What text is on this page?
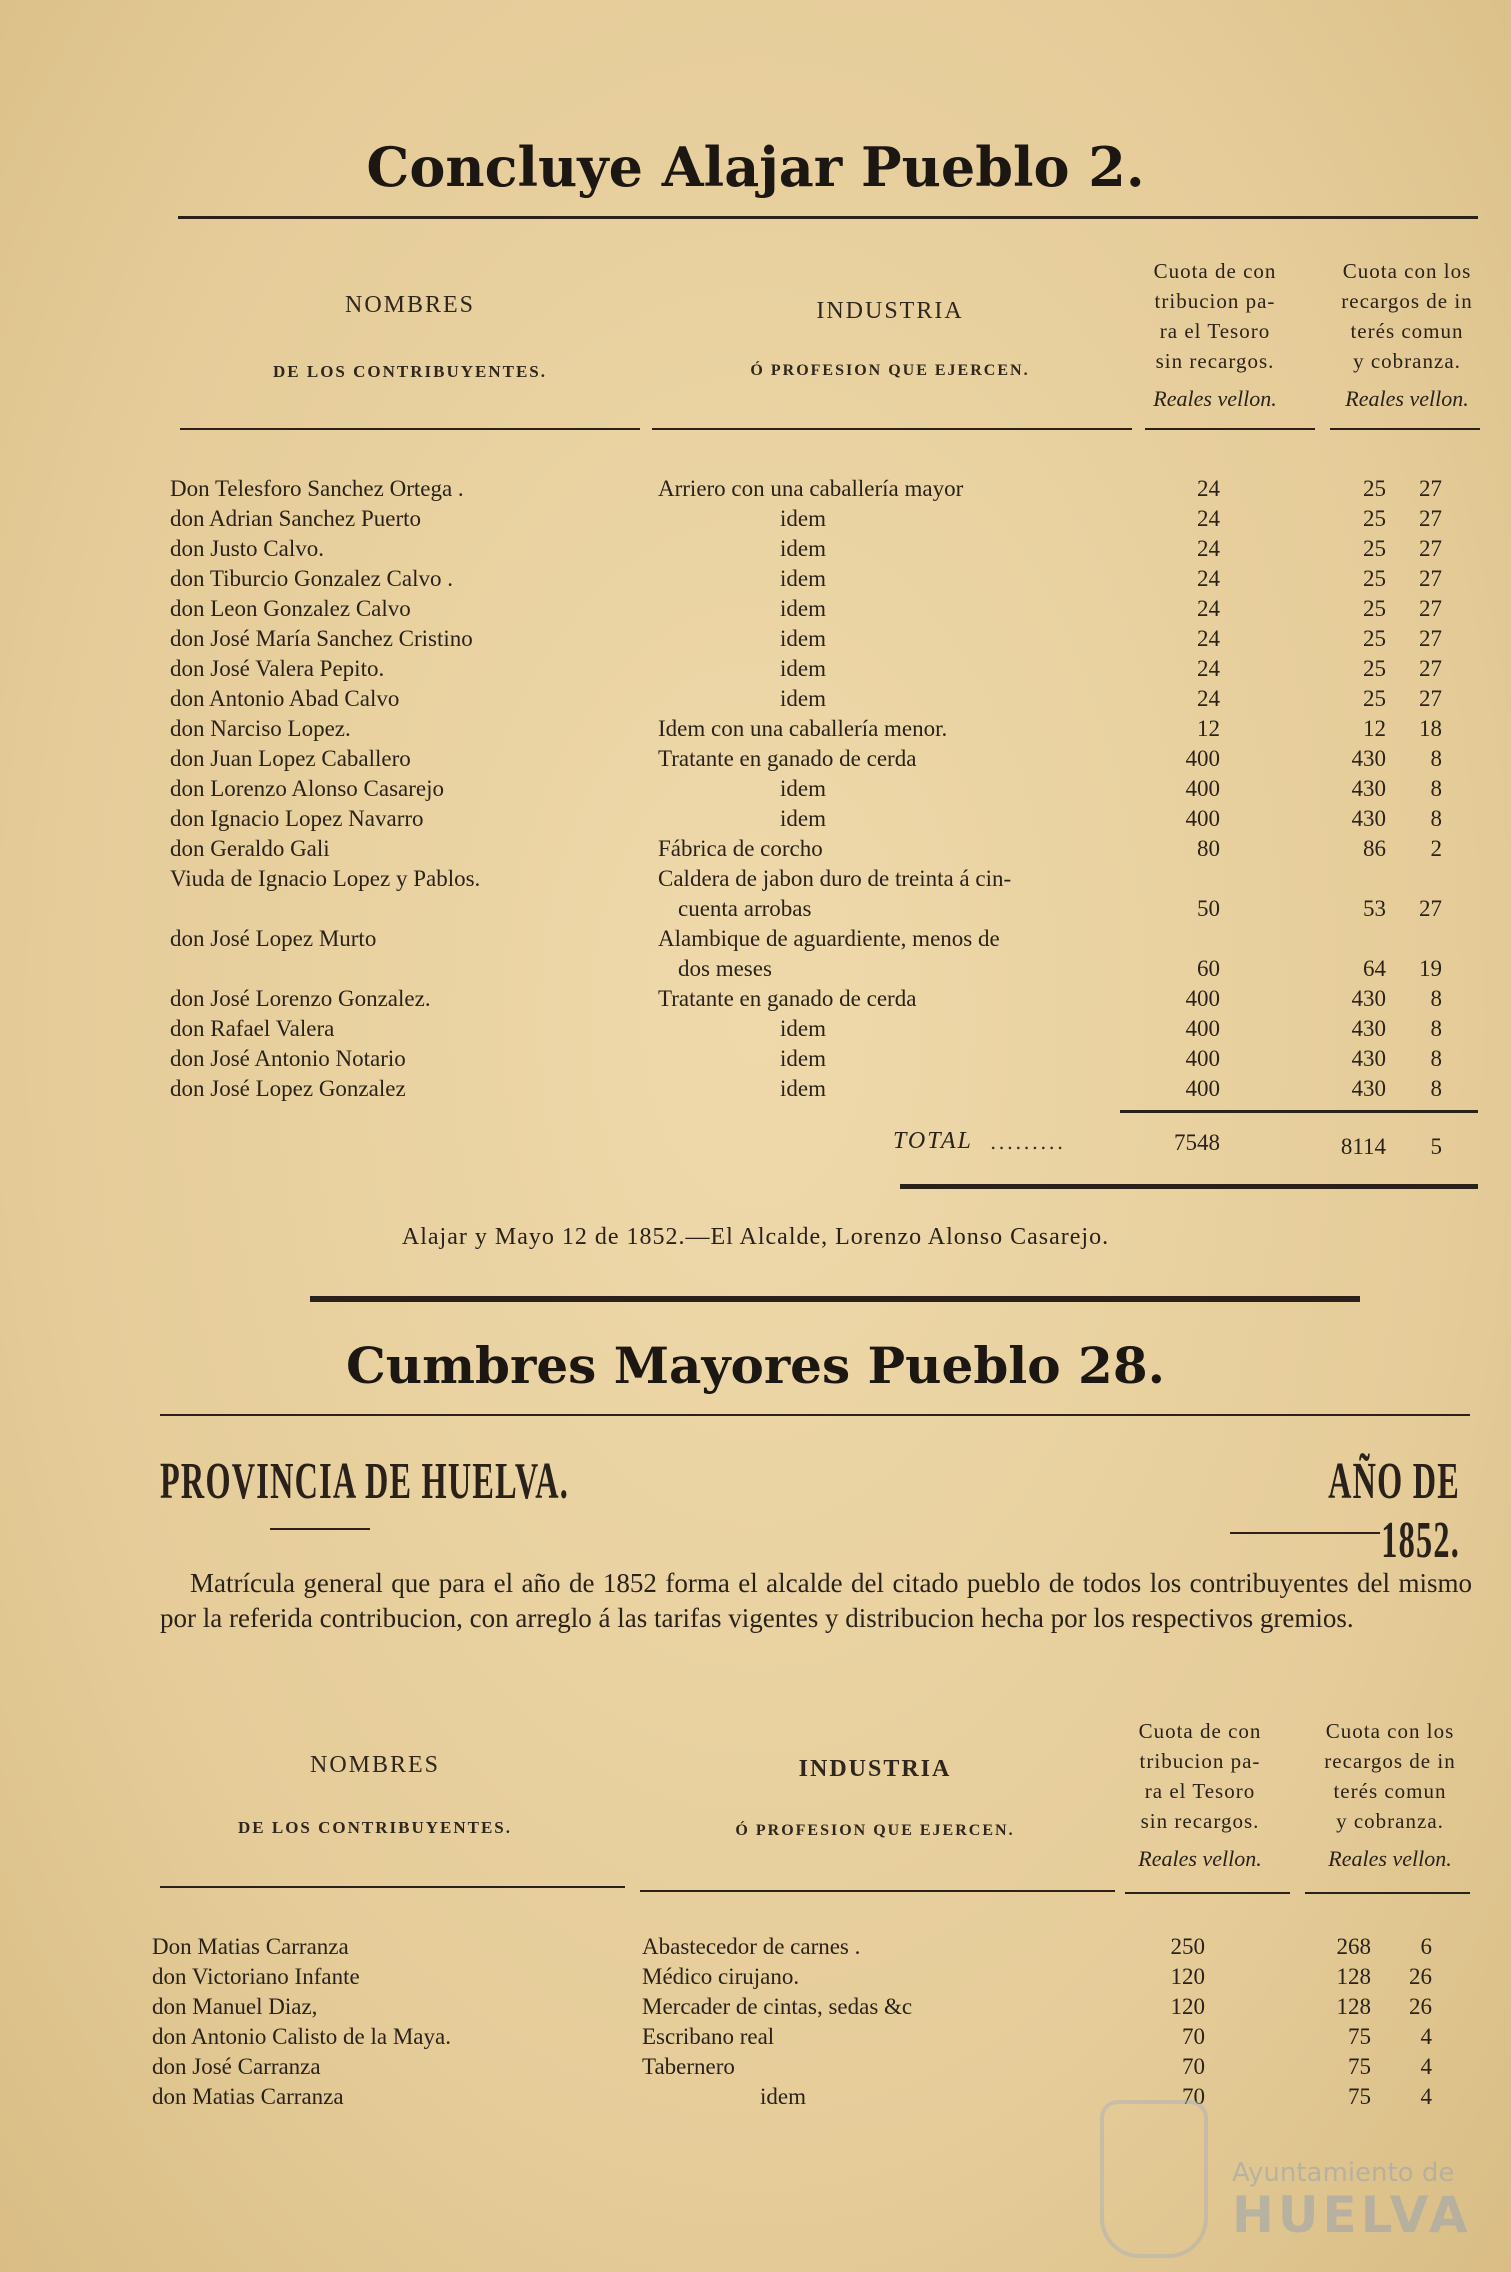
Concluye Alajar Pueblo 2.
NOMBRES
DE LOS CONTRIBUYENTES.
INDUSTRIA
Ó PROFESION QUE EJERCEN.
Cuota de con
tribucion pa-
ra el Tesoro
sin recargos.
Reales vellon.
Cuota con los
recargos de in
terés comun
y cobranza.
Reales vellon.
Don Telesforo Sanchez Ortega .	Arriero con una caballería mayor	24	25	27
don Adrian Sanchez Puerto	idem	24	25	27
don Justo Calvo.	idem	24	25	27
don Tiburcio Gonzalez Calvo .	idem	24	25	27
don Leon Gonzalez Calvo	idem	24	25	27
don José María Sanchez Cristino	idem	24	25	27
don José Valera Pepito.	idem	24	25	27
don Antonio Abad Calvo	idem	24	25	27
don Narciso Lopez.	Idem con una caballería menor.	12	12	18
don Juan Lopez Caballero	Tratante en ganado de cerda	400	430	8
don Lorenzo Alonso Casarejo	idem	400	430	8
don Ignacio Lopez Navarro	idem	400	430	8
don Geraldo Gali	Fábrica de corcho	80	86	2
Viuda de Ignacio Lopez y Pablos.	Caldera de jabon duro de treinta á cin-
cuenta arrobas	50	53	27
don José Lopez Murto	Alambique de aguardiente, menos de
dos meses	60	64	19
don José Lorenzo Gonzalez.	Tratante en ganado de cerda	400	430	8
don Rafael Valera	idem	400	430	8
don José Antonio Notario	idem	400	430	8
don José Lopez Gonzalez	idem	400	430	8
TOTAL .........	7548	8114	5
Alajar y Mayo 12 de 1852.—El Alcalde, Lorenzo Alonso Casarejo.
Cumbres Mayores Pueblo 28.
PROVINCIA DE HUELVA.	AÑO DE 1852.
Matrícula general que para el año de 1852 forma el alcalde del citado pueblo de todos los contribuyentes del mismo por la referida contribucion, con arreglo á las tarifas vigentes y distribucion hecha por los respectivos gremios.
NOMBRES
DE LOS CONTRIBUYENTES.
INDUSTRIA
Ó PROFESION QUE EJERCEN.
Cuota de con
tribucion pa-
ra el Tesoro
sin recargos.
Reales vellon.
Cuota con los
recargos de in
terés comun
y cobranza.
Reales vellon.
Don Matias Carranza	Abastecedor de carnes .	250	268	6
don Victoriano Infante	Médico cirujano.	120	128	26
don Manuel Diaz,	Mercader de cintas, sedas &c	120	128	26
don Antonio Calisto de la Maya.	Escribano real	70	75	4
don José Carranza	Tabernero	70	75	4
don Matias Carranza	idem	70	75	4
Ayuntamiento de
HUELVA
